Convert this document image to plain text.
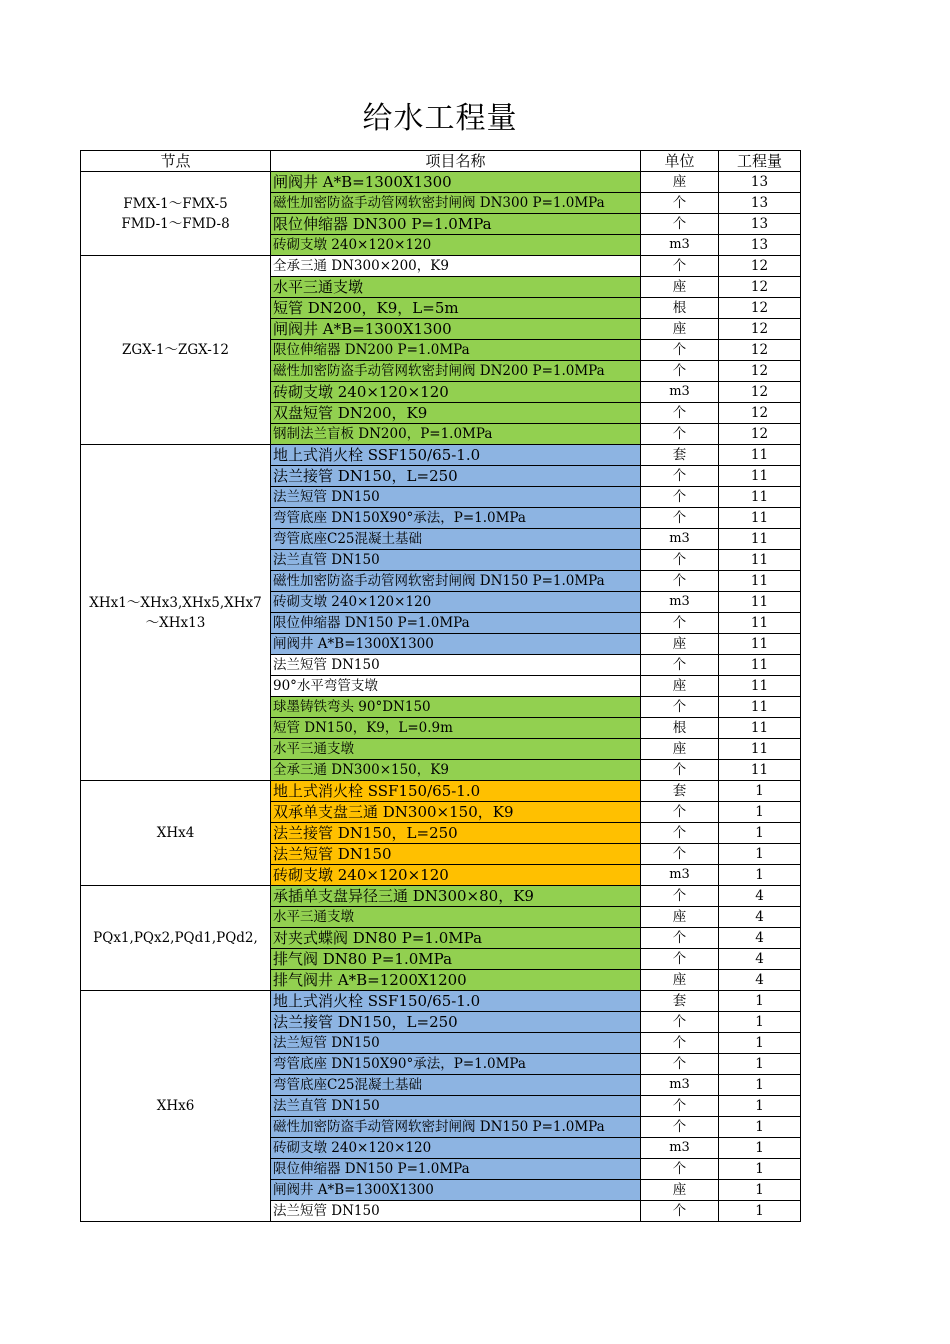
给水工程量
节点	项目名称	单位	工程量

FMX-1～FMX-5
FMD-1～FMD-8	闸阀井 A*B=1300X1300	座	13
	磁性加密防盗手动管网软密封闸阀 DN300 P=1.0MPa	个	13
	限位伸缩器 DN300 P=1.0MPa	个	13
	砖砌支墩 240×120×120	m3	13

ZGX-1～ZGX-12	全承三通 DN300×200，K9	个	12
	水平三通支墩	座	12
	短管 DN200，K9，L=5m	根	12
	闸阀井 A*B=1300X1300	座	12
	限位伸缩器 DN200 P=1.0MPa	个	12
	磁性加密防盗手动管网软密封闸阀 DN200 P=1.0MPa	个	12
	砖砌支墩 240×120×120	m3	12
	双盘短管 DN200，K9	个	12
	钢制法兰盲板 DN200，P=1.0MPa	个	12

XHx1～XHx3,XHx5,XHx7
～XHx13	地上式消火栓 SSF150/65-1.0	套	11
	法兰接管 DN150，L=250	个	11
	法兰短管 DN150	个	11
	弯管底座 DN150X90°承法，P=1.0MPa	个	11
	弯管底座C25混凝土基础	m3	11
	法兰直管 DN150	个	11
	磁性加密防盗手动管网软密封闸阀 DN150 P=1.0MPa	个	11
	砖砌支墩 240×120×120	m3	11
	限位伸缩器 DN150 P=1.0MPa	个	11
	闸阀井 A*B=1300X1300	座	11
	法兰短管 DN150	个	11
	90°水平弯管支墩	座	11
	球墨铸铁弯头 90°DN150	个	11
	短管 DN150，K9，L=0.9m	根	11
	水平三通支墩	座	11
	全承三通 DN300×150，K9	个	11

XHx4	地上式消火栓 SSF150/65-1.0	套	1
	双承单支盘三通 DN300×150，K9	个	1
	法兰接管 DN150，L=250	个	1
	法兰短管 DN150	个	1
	砖砌支墩 240×120×120	m3	1

PQx1,PQx2,PQd1,PQd2,	承插单支盘异径三通 DN300×80，K9	个	4
	水平三通支墩	座	4
	对夹式蝶阀 DN80 P=1.0MPa	个	4
	排气阀 DN80 P=1.0MPa	个	4
	排气阀井 A*B=1200X1200	座	4

XHx6	地上式消火栓 SSF150/65-1.0	套	1
	法兰接管 DN150，L=250	个	1
	法兰短管 DN150	个	1
	弯管底座 DN150X90°承法，P=1.0MPa	个	1
	弯管底座C25混凝土基础	m3	1
	法兰直管 DN150	个	1
	磁性加密防盗手动管网软密封闸阀 DN150 P=1.0MPa	个	1
	砖砌支墩 240×120×120	m3	1
	限位伸缩器 DN150 P=1.0MPa	个	1
	闸阀井 A*B=1300X1300	座	1
	法兰短管 DN150	个	1
